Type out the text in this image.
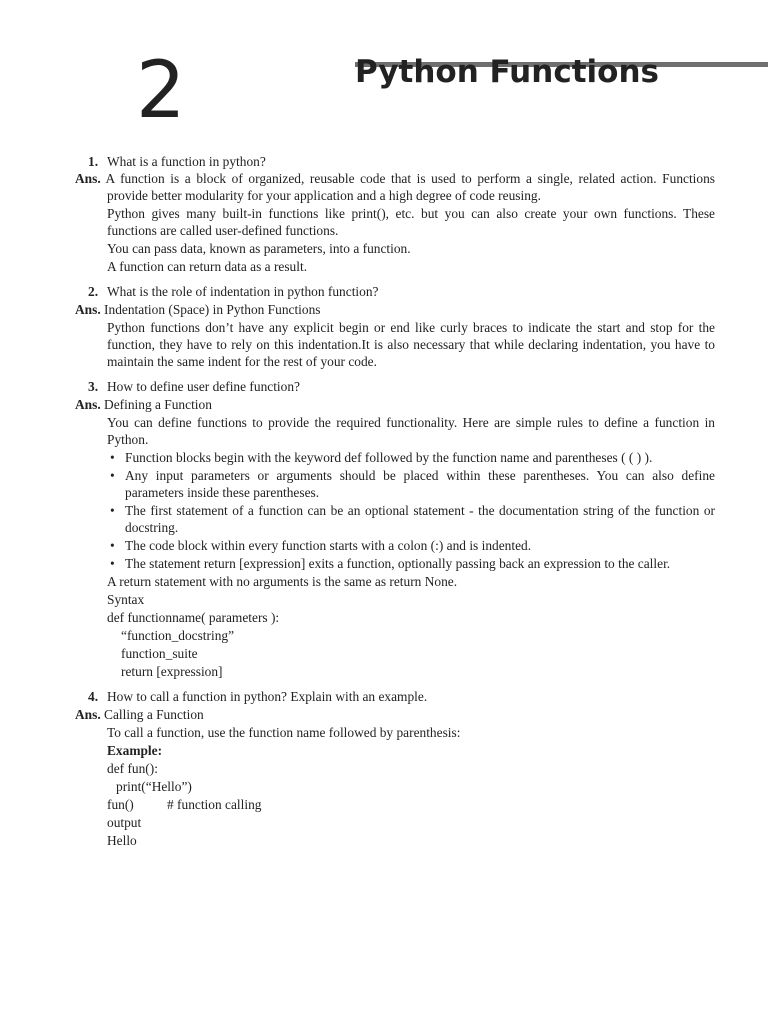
2	Python Functions
1. What is a function in python?
Ans. A function is a block of organized, reusable code that is used to perform a single, related action. Functions provide better modularity for your application and a high degree of code reusing.
Python gives many built-in functions like print(), etc. but you can also create your own functions. These functions are called user-defined functions.
You can pass data, known as parameters, into a function.
A function can return data as a result.
2. What is the role of indentation in python function?
Ans. Indentation (Space) in Python Functions
Python functions don’t have any explicit begin or end like curly braces to indicate the start and stop for the function, they have to rely on this indentation.It is also necessary that while declaring indentation, you have to maintain the same indent for the rest of your code.
3. How to define user define function?
Ans. Defining a Function
You can define functions to provide the required functionality. Here are simple rules to define a function in Python.
• Function blocks begin with the keyword def followed by the function name and parentheses ( ( ) ).
• Any input parameters or arguments should be placed within these parentheses. You can also define parameters inside these parentheses.
• The first statement of a function can be an optional statement - the documentation string of the function or docstring.
• The code block within every function starts with a colon (:) and is indented.
• The statement return [expression] exits a function, optionally passing back an expression to the caller.
A return statement with no arguments is the same as return None.
Syntax
def functionname( parameters ):
“function_docstring”
function_suite
return [expression]
4. How to call a function in python? Explain with an example.
Ans. Calling a Function
To call a function, use the function name followed by parenthesis:
Example:
def fun():
print(“Hello”)
fun() # function calling
output
Hello
